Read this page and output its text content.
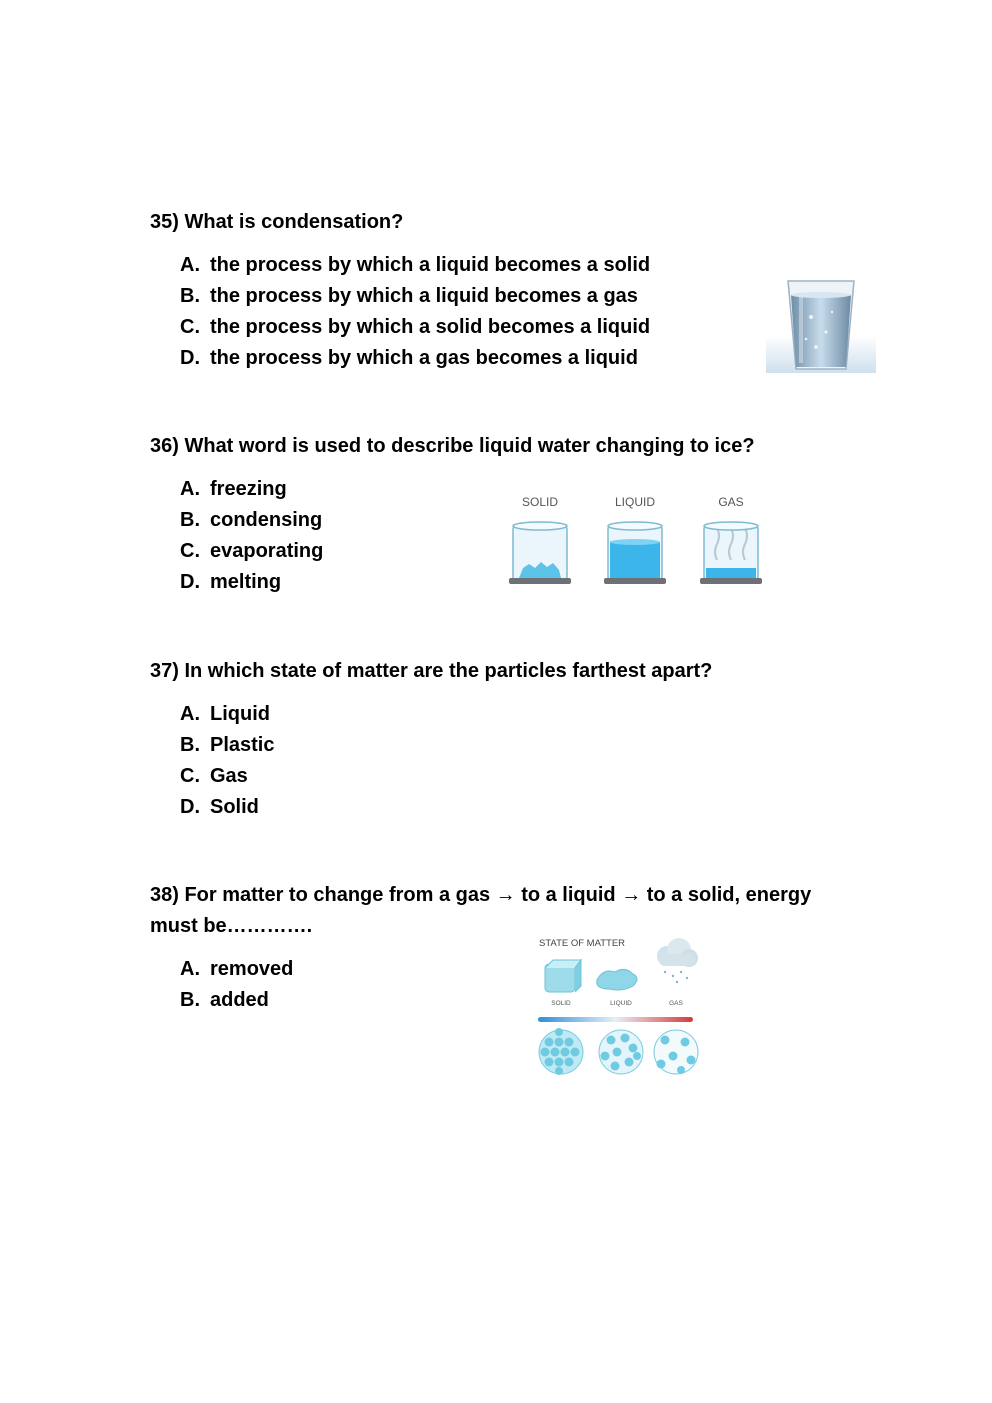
35) What is condensation?

A. the process by which a liquid becomes a solid
B. the process by which a liquid becomes a gas
C. the process by which a solid becomes a liquid
D. the process by which a gas becomes a liquid

36) What word is used to describe liquid water changing to ice?

A. freezing
B. condensing
C. evaporating
D. melting
SOLID	LIQUID	GAS

37) In which state of matter are the particles farthest apart?

A. Liquid
B. Plastic
C. Gas
D. Solid

38) For matter to change from a gas → to a liquid → to a solid, energy must be………….

A. removed
B. added
STATE OF MATTER
SOLID	LIQUID	GAS
